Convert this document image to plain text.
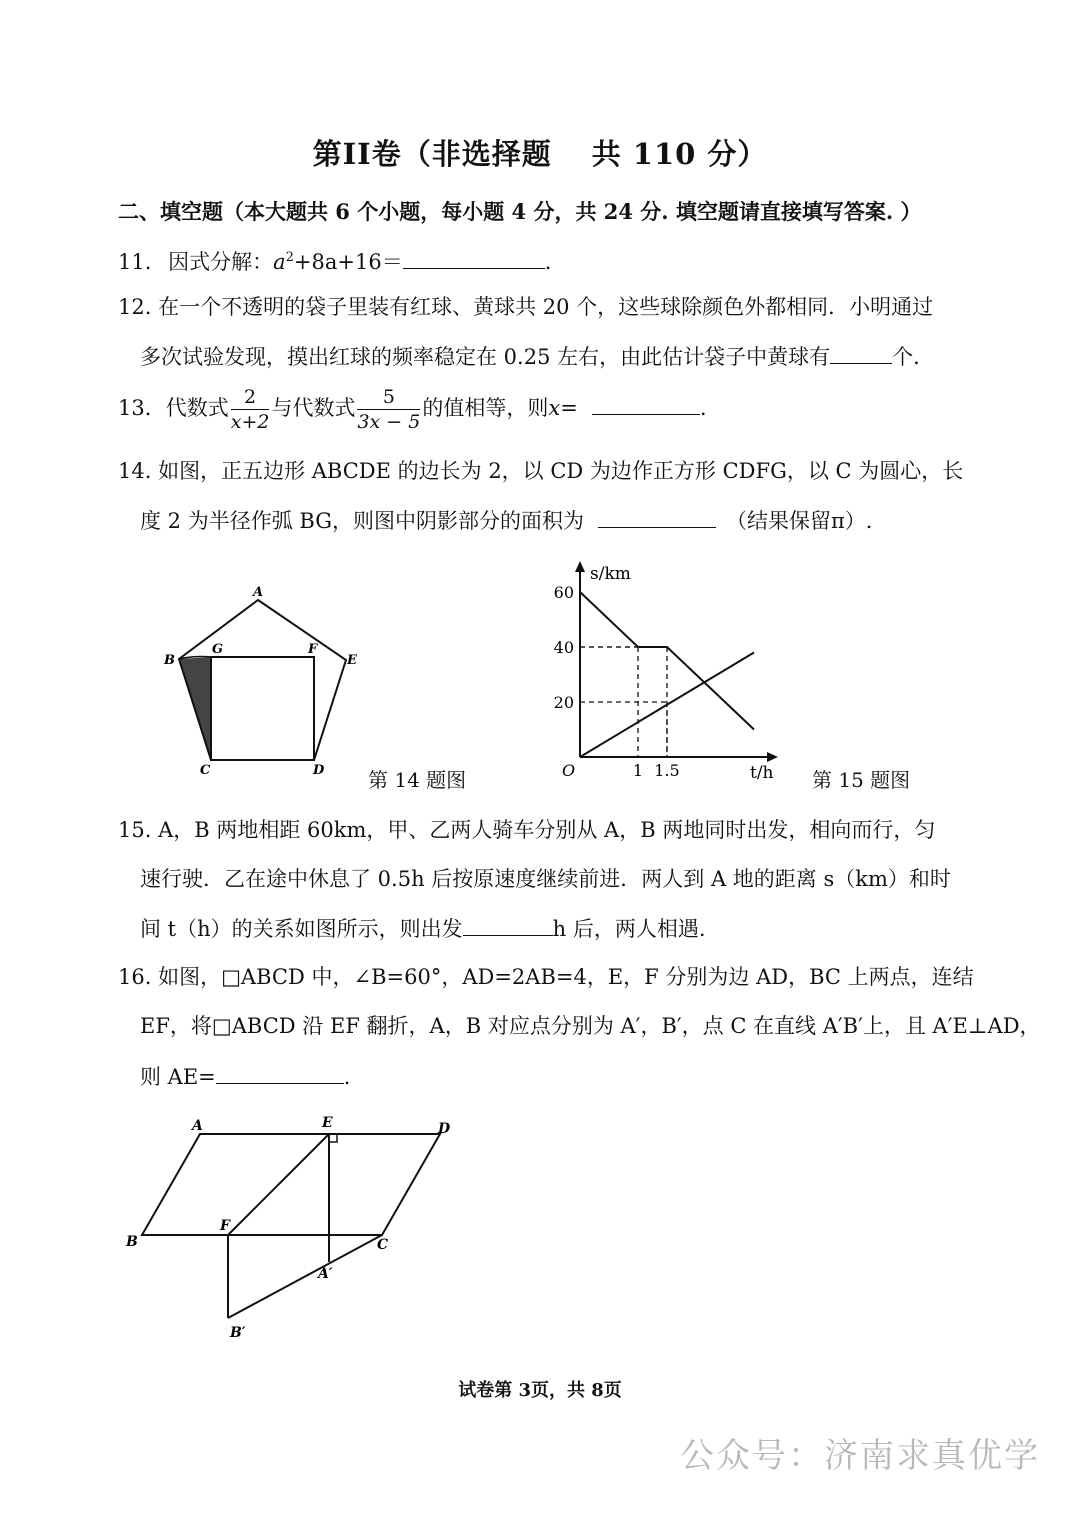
第II卷（非选择题 共 110 分）
二、填空题（本大题共 6 个小题，每小题 4 分，共 24 分. 填空题请直接填写答案. ）
11. 因式分解：$a^2+8a+16=$	.
12. 在一个不透明的袋子里装有红球、黄球共 20 个，这些球除颜色外都相同．小明通过
多次试验发现，摸出红球的频率稳定在 0.25 左右，由此估计袋子中黄球有	个．
13．代数式 $\frac{2}{x+2}$ 与代数式 $\frac{5}{3x - 5}$ 的值相等，则x=	.
14. 如图，正五边形 ABCDE 的边长为 2，以 CD 为边作正方形 CDFG，以 C 为圆心，长
度 2 为半径作弧 BG，则图中阴影部分的面积为	（结果保留π）.
A
B
G	F
E
C	D 第 14 题图	1 1.5
20
40
60
O
s/km
t/h 第 15 题图
15. A，B 两地相距 60km，甲、乙两人骑车分别从 A，B 两地同时出发，相向而行，匀
速行驶．乙在途中休息了 0.5h 后按原速度继续前进．两人到 A 地的距离 s（km）和时
间 t（h）的关系如图所示，则出发	h 后，两人相遇.
16. 如图，□ABCD 中，∠B=60°，AD=2AB=4，E，F 分别为边 AD，BC 上两点，连结
EF，将□ABCD 沿 EF 翻折，A，B 对应点分别为 A′，B′，点 C 在直线 A′B′上，且 A′E⊥AD，
则 AE=	.
A	E	D
B
F
C
A′
B′
试卷第 3页，共 8页
公众号：济南求真优学
